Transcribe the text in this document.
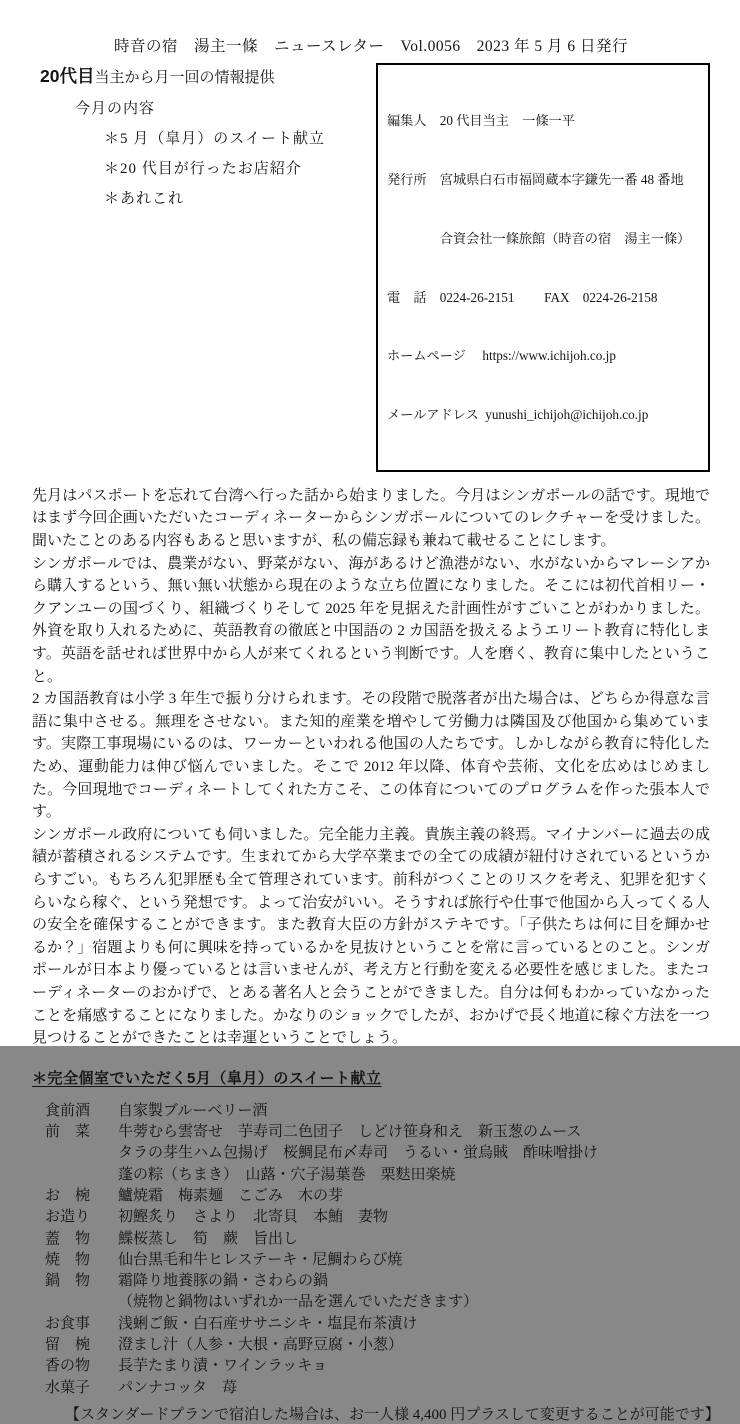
時音の宿　湯主一條　ニュースレター　Vol.0056　2023 年 5 月 6 日発行
20代目当主から月一回の情報提供
今月の内容
＊5 月（皐月）のスイート献立
＊20 代目が行ったお店紹介
＊あれこれ

編集人　20 代目当主　一條一平

発行所　宮城県白石市福岡蔵本字鎌先一番 48 番地

　　　　合資会社一條旅館（時音の宿　湯主一條）

電　話　0224-26-2151　　 FAX　0224-26-2158

ホームページ　 https://www.ichijoh.co.jp

メールアドレス  yunushi_ichijoh@ichijoh.co.jp

先月はパスポートを忘れて台湾へ行った話から始まりました。今月はシンガポールの話です。現地ではまず今回企画いただいたコーディネーターからシンガポールについてのレクチャーを受けました。聞いたことのある内容もあると思いますが、私の備忘録も兼ねて載せることにします。

シンガポールでは、農業がない、野菜がない、海があるけど漁港がない、水がないからマレーシアから購入するという、無い無い状態から現在のような立ち位置になりました。そこには初代首相リー・クアンユーの国づくり、組織づくりそして 2025 年を見据えた計画性がすごいことがわかりました。外資を取り入れるために、英語教育の徹底と中国語の 2 カ国語を扱えるようエリート教育に特化します。英語を話せれば世界中から人が来てくれるという判断です。人を磨く、教育に集中したということ。

2 カ国語教育は小学 3 年生で振り分けられます。その段階で脱落者が出た場合は、どちらか得意な言語に集中させる。無理をさせない。また知的産業を増やして労働力は隣国及び他国から集めています。実際工事現場にいるのは、ワーカーといわれる他国の人たちです。しかしながら教育に特化したため、運動能力は伸び悩んでいました。そこで 2012 年以降、体育や芸術、文化を広めはじめました。今回現地でコーディネートしてくれた方こそ、この体育についてのプログラムを作った張本人です。

シンガポール政府についても伺いました。完全能力主義。貴族主義の終焉。マイナンバーに過去の成績が蓄積されるシステムです。生まれてから大学卒業までの全ての成績が紐付けされているというからすごい。もちろん犯罪歴も全て管理されています。前科がつくことのリスクを考え、犯罪を犯すくらいなら稼ぐ、という発想です。よって治安がいい。そうすれば旅行や仕事で他国から入ってくる人の安全を確保することができます。また教育大臣の方針がステキです。「子供たちは何に目を輝かせるか？」宿題よりも何に興味を持っているかを見抜けということを常に言っているとのこと。シンガポールが日本より優っているとは言いませんが、考え方と行動を変える必要性を感じました。またコーディネーターのおかげで、とある著名人と会うことができました。自分は何もわかっていなかったことを痛感することになりました。かなりのショックでしたが、おかげで長く地道に稼ぐ方法を一つ見つけることができたことは幸運ということでしょう。

＊完全個室でいただく5月（皐月）のスイート献立
食前酒	自家製ブルーベリー酒
前　菜	牛蒡むら雲寄せ　芋寿司二色団子　しどけ笹身和え　新玉葱のムース
タラの芽生ハム包揚げ　桜鯛昆布〆寿司　うるい・蛍烏賊　酢味噌掛け
蓬の粽（ちまき）　山蕗・穴子湯葉巻　栗麩田楽焼
お　椀	鱸焼霜　梅素麺　こごみ　木の芽
お造り	初鰹炙り　さより　北寄貝　本鮪　妻物
蓋　物	鰈桜蒸し　筍　蕨　旨出し
焼　物	仙台黒毛和牛ヒレステーキ・尼鯛わらび焼
鍋　物	霜降り地養豚の鍋・さわらの鍋
（焼物と鍋物はいずれか一品を選んでいただきます）
お食事	浅蜊ご飯・白石産ササニシキ・塩昆布茶漬け
留　椀	澄まし汁（人参・大根・高野豆腐・小葱）
香の物	長芋たまり漬・ワインラッキョ
水菓子	パンナコッタ　苺
【スタンダードプランで宿泊した場合は、お一人様 4,400 円プラスして変更することが可能です】
